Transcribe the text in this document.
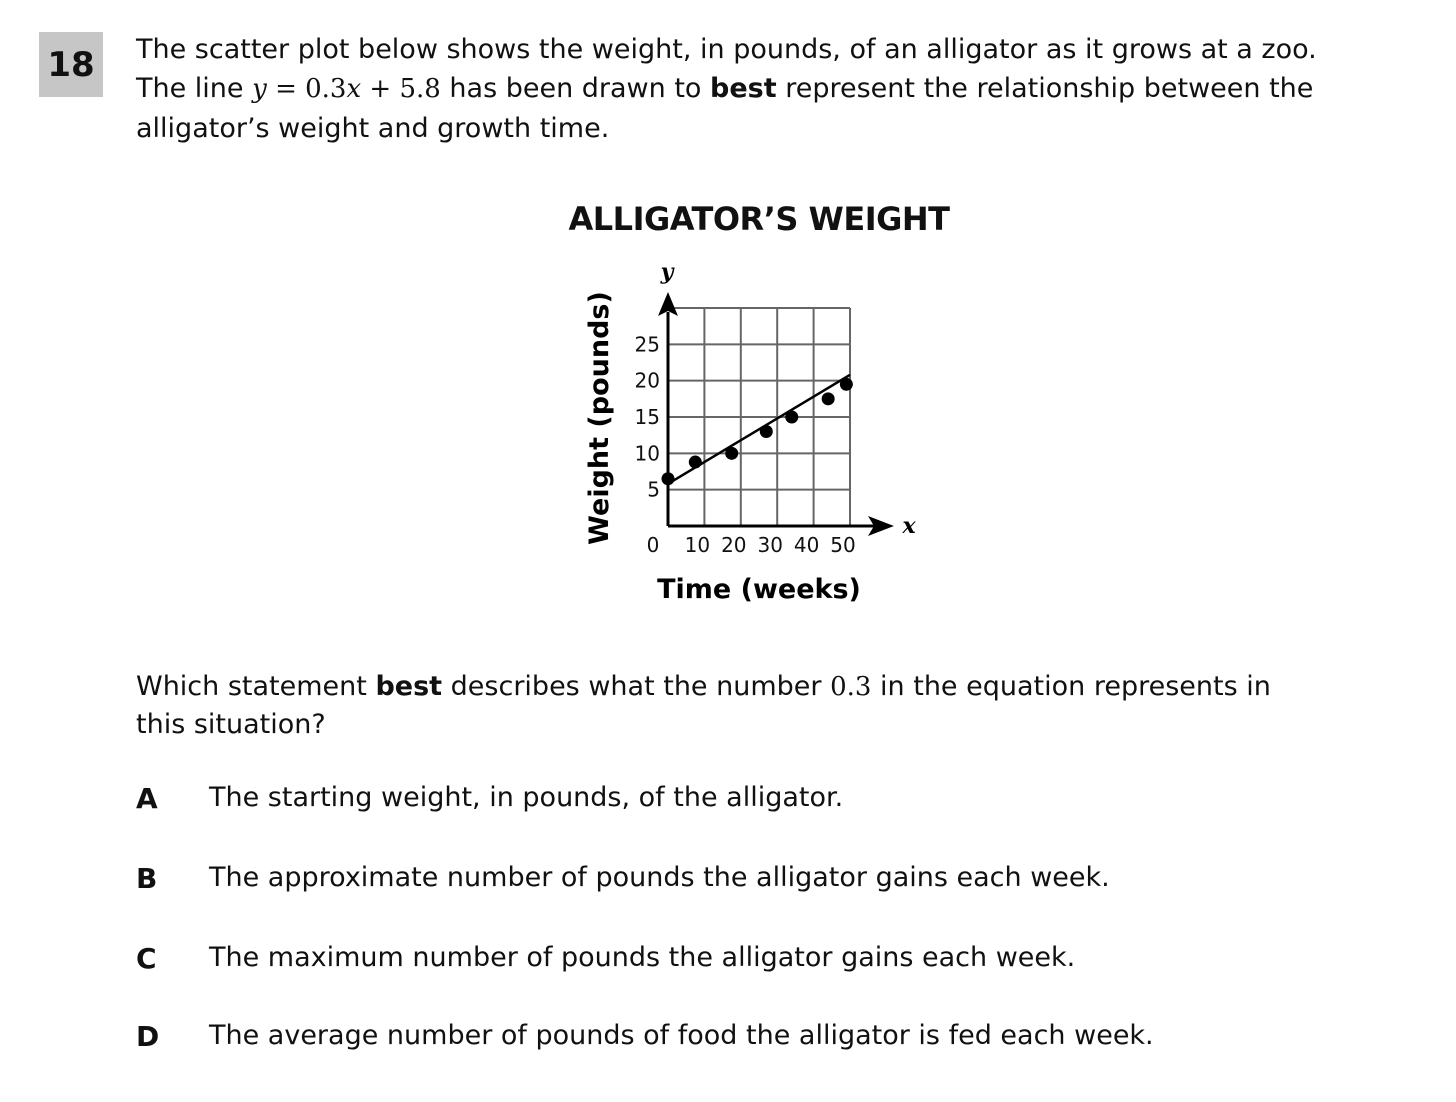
18	The scatter plot below shows the weight, in pounds, of an alligator as it grows at a zoo.
The line y = 0.3x + 5.8 has been drawn to best represent the relationship between the alligator’s weight and growth time.
ALLIGATOR’S WEIGHT
y
x
5
10
15
20
25
0 10 20 30 40 50
Weight (pounds)
Time (weeks)
Which statement best describes what the number 0.3 in the equation represents in this situation?
A	The starting weight, in pounds, of the alligator.
B	The approximate number of pounds the alligator gains each week.
C	The maximum number of pounds the alligator gains each week.
D	The average number of pounds of food the alligator is fed each week.
